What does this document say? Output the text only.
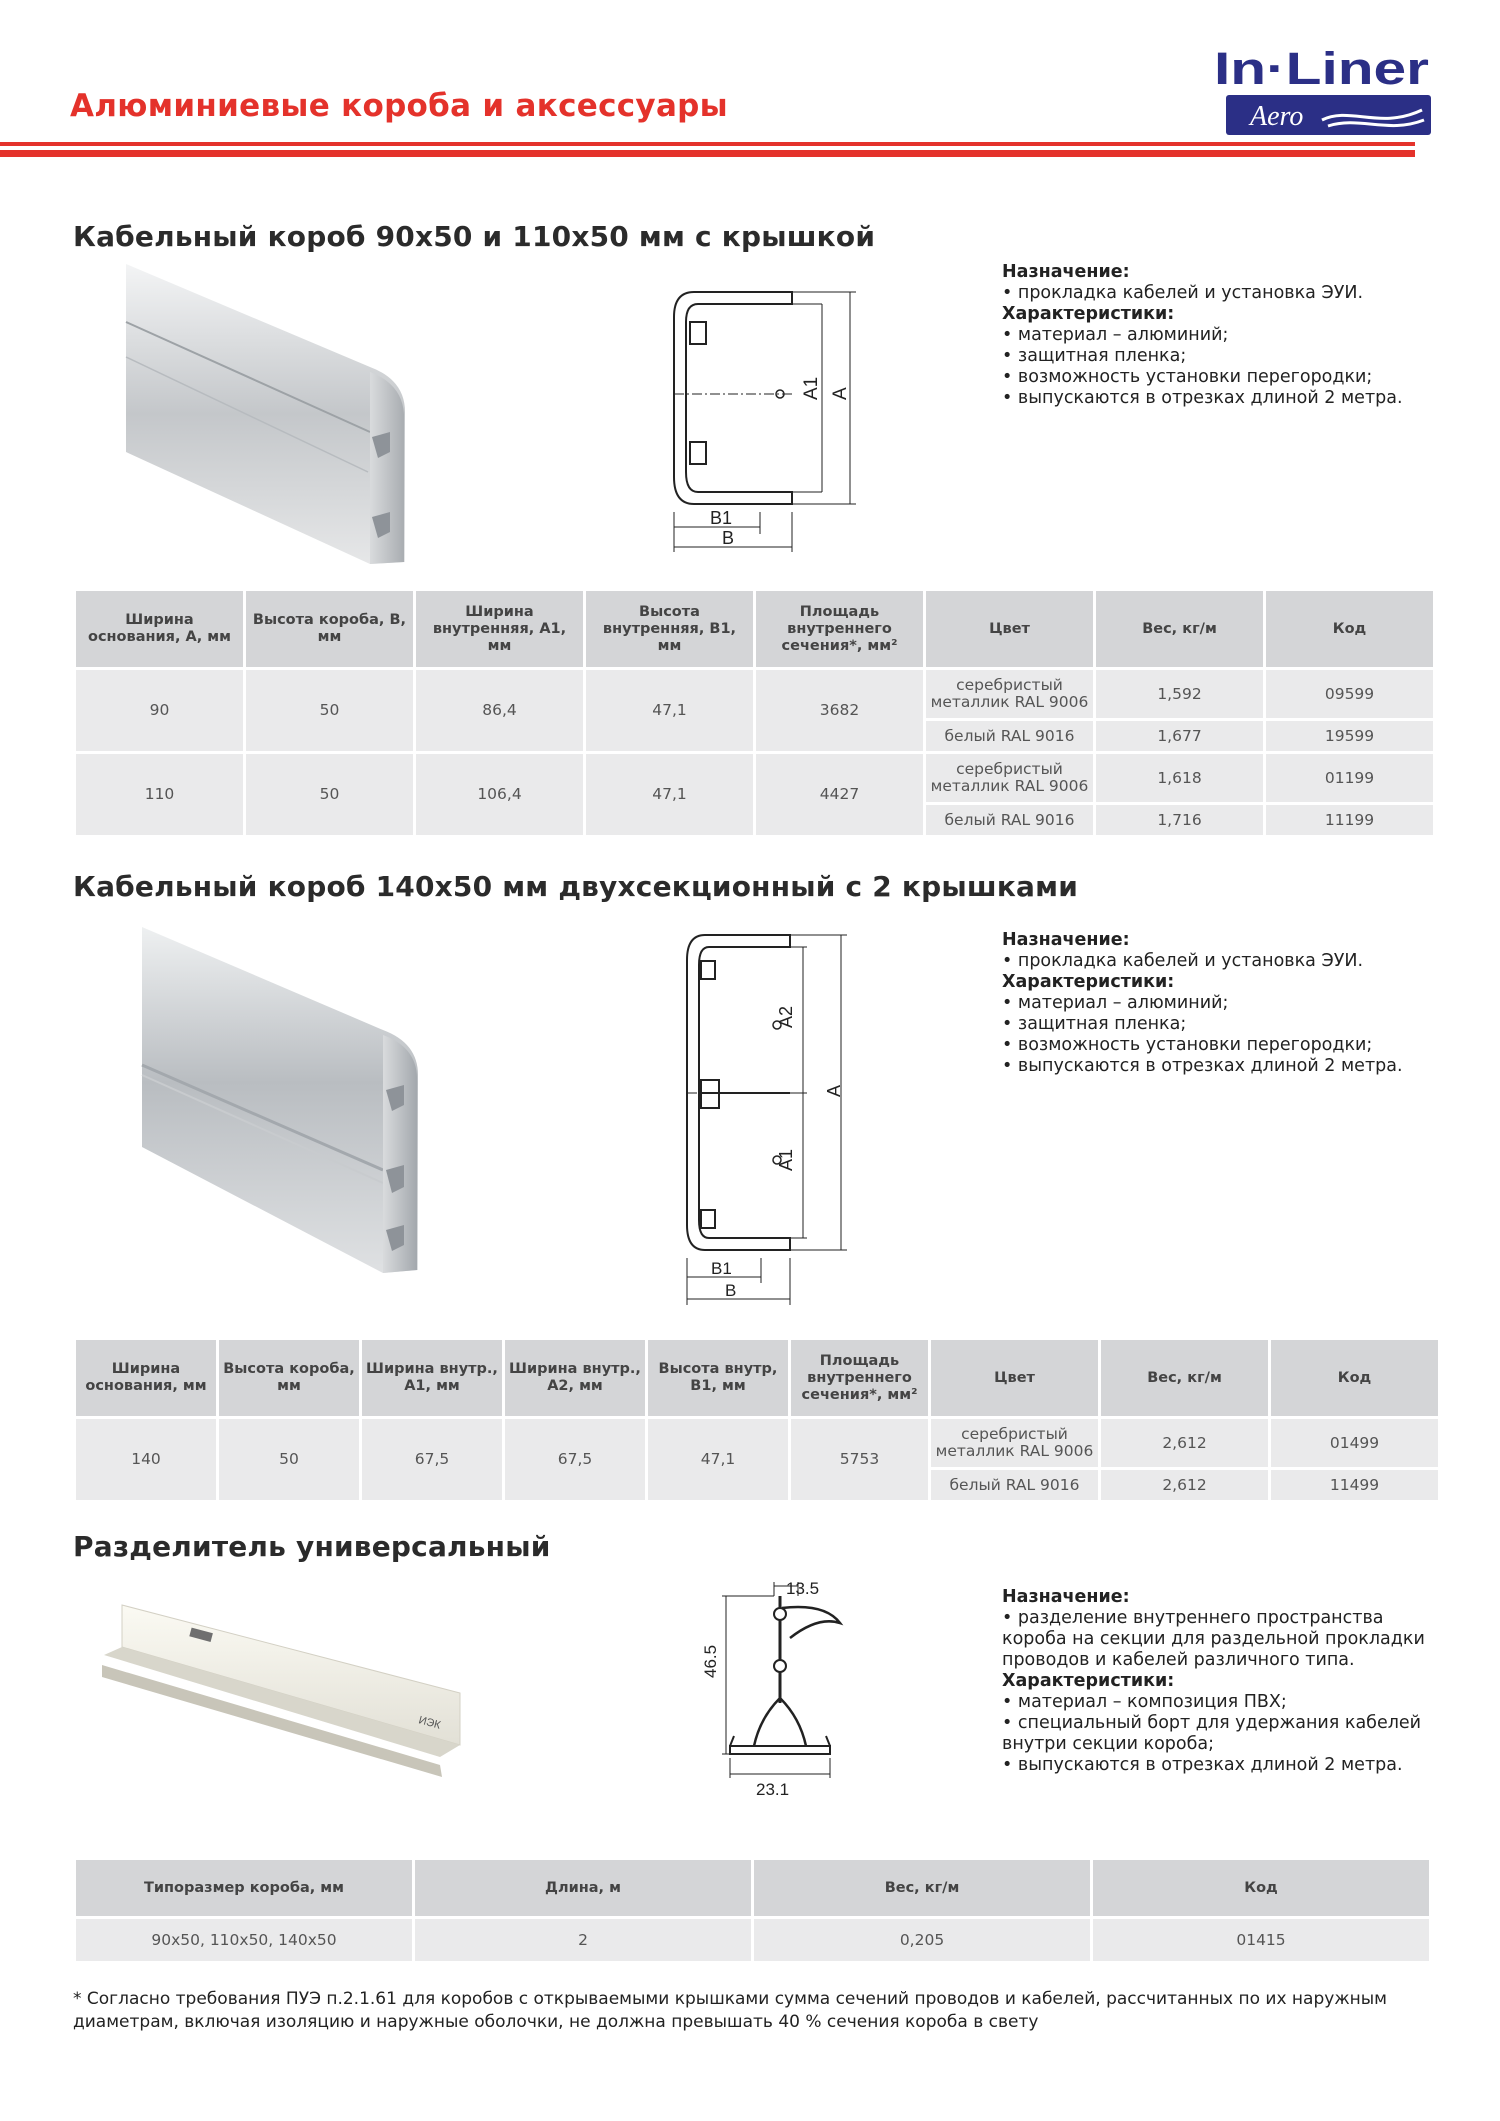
Алюминиевые короба и аксессуары
In·Liner
Aero
Кабельный короб 90x50 и 110x50 мм с крышкой
A1 A
B1
B
Назначение:
• прокладка кабелей и установка ЭУИ.
Характеристики:
• материал – алюминий;
• защитная пленка;
• возможность установки перегородки;
• выпускаются в отрезках длиной 2 метра.
Ширина основания, А, мм	Высота короба, В, мм	Ширина внутренняя, А1, мм	Высота внутренняя, В1, мм	Площадь внутреннего сечения*, мм²	Цвет	Вес, кг/м	Код
90	50	86,4	47,1	3682	серебристый металлик RAL 9006	1,592	09599
					белый RAL 9016	1,677	19599
110	50	106,4	47,1	4427	серебристый металлик RAL 9006	1,618	01199
					белый RAL 9016	1,716	11199
Кабельный короб 140x50 мм двухсекционный с 2 крышками
A2
A1
A
B1
B
Назначение:
• прокладка кабелей и установка ЭУИ.
Характеристики:
• материал – алюминий;
• защитная пленка;
• возможность установки перегородки;
• выпускаются в отрезках длиной 2 метра.
Ширина основания, мм	Высота короба, мм	Ширина внутр., А1, мм	Ширина внутр., А2, мм	Высота внутр, В1, мм	Площадь внутреннего сечения*, мм²	Цвет	Вес, кг/м	Код
140	50	67,5	67,5	47,1	5753	серебристый металлик RAL 9006	2,612	01499
						белый RAL 9016	2,612	11499
Разделитель универсальный
ИЭК
13.5
46.5
23.1
Назначение:
• разделение внутреннего пространства короба на секции для раздельной прокладки проводов и кабелей различного типа.
Характеристики:
• материал – композиция ПВХ;
• специальный борт для удержания кабелей внутри секции короба;
• выпускаются в отрезках длиной 2 метра.
Типоразмер короба, мм	Длина, м	Вес, кг/м	Код
90x50, 110x50, 140x50	2	0,205	01415
* Согласно требования ПУЭ п.2.1.61 для коробов с открываемыми крышками сумма сечений проводов и кабелей, рассчитанных по их наружным диаметрам, включая изоляцию и наружные оболочки, не должна превышать 40 % сечения короба в свету
